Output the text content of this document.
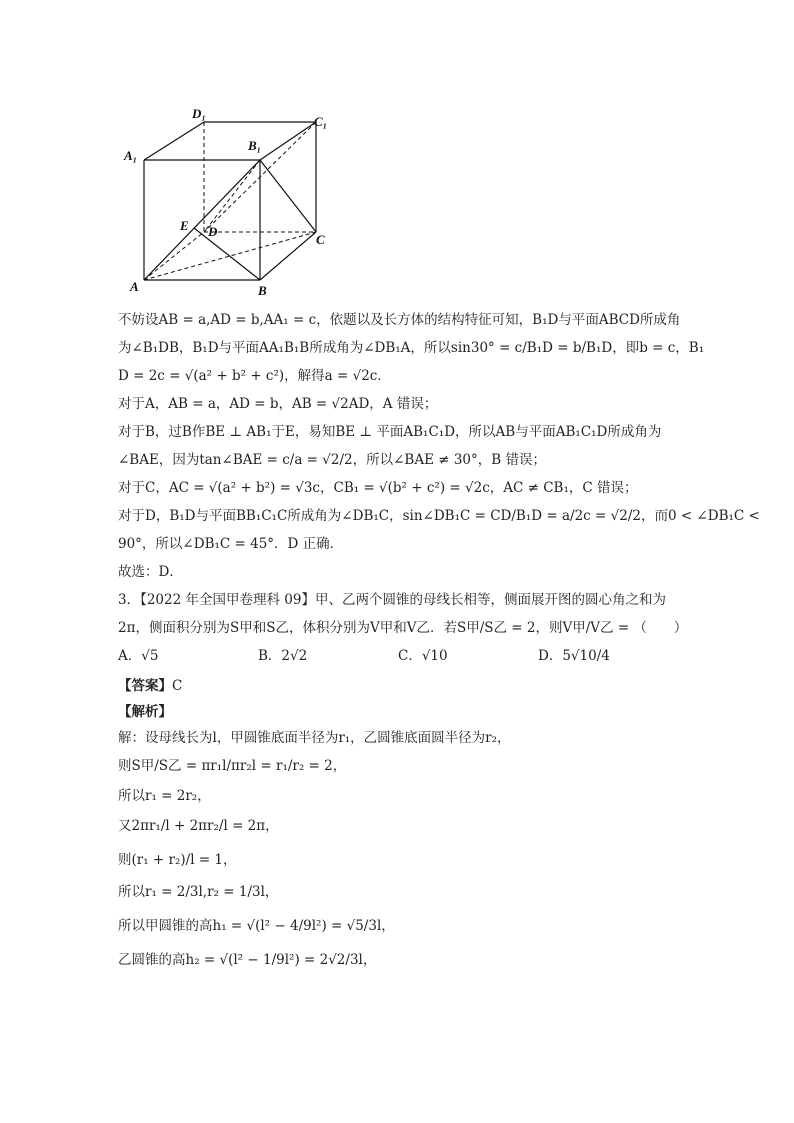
D₁
C₁
A₁
B₁
E D
C
A	B
不妨设AB = a,AD = b,AA₁ = c，依题以及长方体的结构特征可知，B₁D与平面ABCD所成角
为∠B₁DB，B₁D与平面AA₁B₁B所成角为∠DB₁A，所以sin30° = c/B₁D = b/B₁D，即b = c，B₁
D = 2c = √(a² + b² + c²)，解得a = √2c．
对于A，AB = a，AD = b，AB = √2AD，A 错误；
对于B，过B作BE ⊥ AB₁于E，易知BE ⊥ 平面AB₁C₁D，所以AB与平面AB₁C₁D所成角为
∠BAE，因为tan∠BAE = c/a = √2/2，所以∠BAE ≠ 30°，B 错误；
对于C，AC = √(a² + b²) = √3c，CB₁ = √(b² + c²) = √2c，AC ≠ CB₁，C 错误；
对于D，B₁D与平面BB₁C₁C所成角为∠DB₁C，sin∠DB₁C = CD/B₁D = a/2c = √2/2，而0 < ∠DB₁C <
90°，所以∠DB₁C = 45°．D 正确．
故选：D．
3．【2022 年全国甲卷理科 09】甲、乙两个圆锥的母线长相等，侧面展开图的圆心角之和为
2π，侧面积分别为S甲和S乙，体积分别为V甲和V乙．若S甲/S乙 = 2，则V甲/V乙 = （　　）
A．√5	B．2√2	C．√10	D．5√10/4
【答案】C
【解析】
解：设母线长为l，甲圆锥底面半径为r₁，乙圆锥底面圆半径为r₂，
则S甲/S乙 = πr₁l/πr₂l = r₁/r₂ = 2，
所以r₁ = 2r₂，
又2πr₁/l + 2πr₂/l = 2π，
则(r₁ + r₂)/l = 1，
所以r₁ = 2/3l,r₂ = 1/3l，
所以甲圆锥的高h₁ = √(l² − 4/9l²) = √5/3l，
乙圆锥的高h₂ = √(l² − 1/9l²) = 2√2/3l，
